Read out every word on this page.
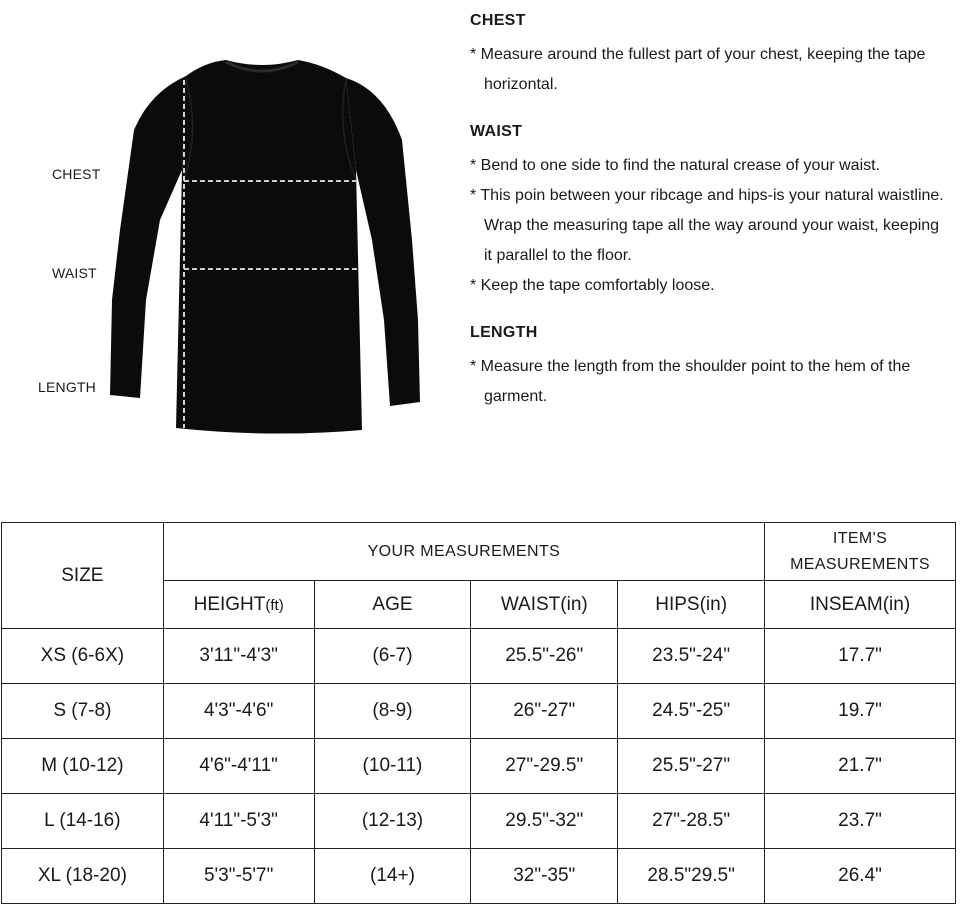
CHEST
WAIST
LENGTH
CHEST

* Measure around the fullest part of your chest, keeping the tape horizontal.

WAIST

* Bend to one side to find the natural crease of your waist.
* This poin between your ribcage and hips-is your natural waistline. Wrap the measuring tape all the way around your waist, keeping it parallel to the floor.
* Keep the tape comfortably loose.

LENGTH

* Measure the length from the shoulder point to the hem of the garment.

SIZE	YOUR MEASUREMENTS				ITEM'S MEASUREMENTS
	HEIGHT(ft)	AGE	WAIST(in)	HIPS(in)	INSEAM(in)
XS (6-6X)	3'11"-4'3"	(6-7)	25.5"-26"	23.5"-24"	17.7"
S (7-8)	4'3"-4'6"	(8-9)	26"-27"	24.5"-25"	19.7"
M (10-12)	4'6"-4'11"	(10-11)	27"-29.5"	25.5"-27"	21.7"
L (14-16)	4'11"-5'3"	(12-13)	29.5"-32"	27"-28.5"	23.7"
XL (18-20)	5'3"-5'7"	(14+)	32"-35"	28.5"29.5"	26.4"
